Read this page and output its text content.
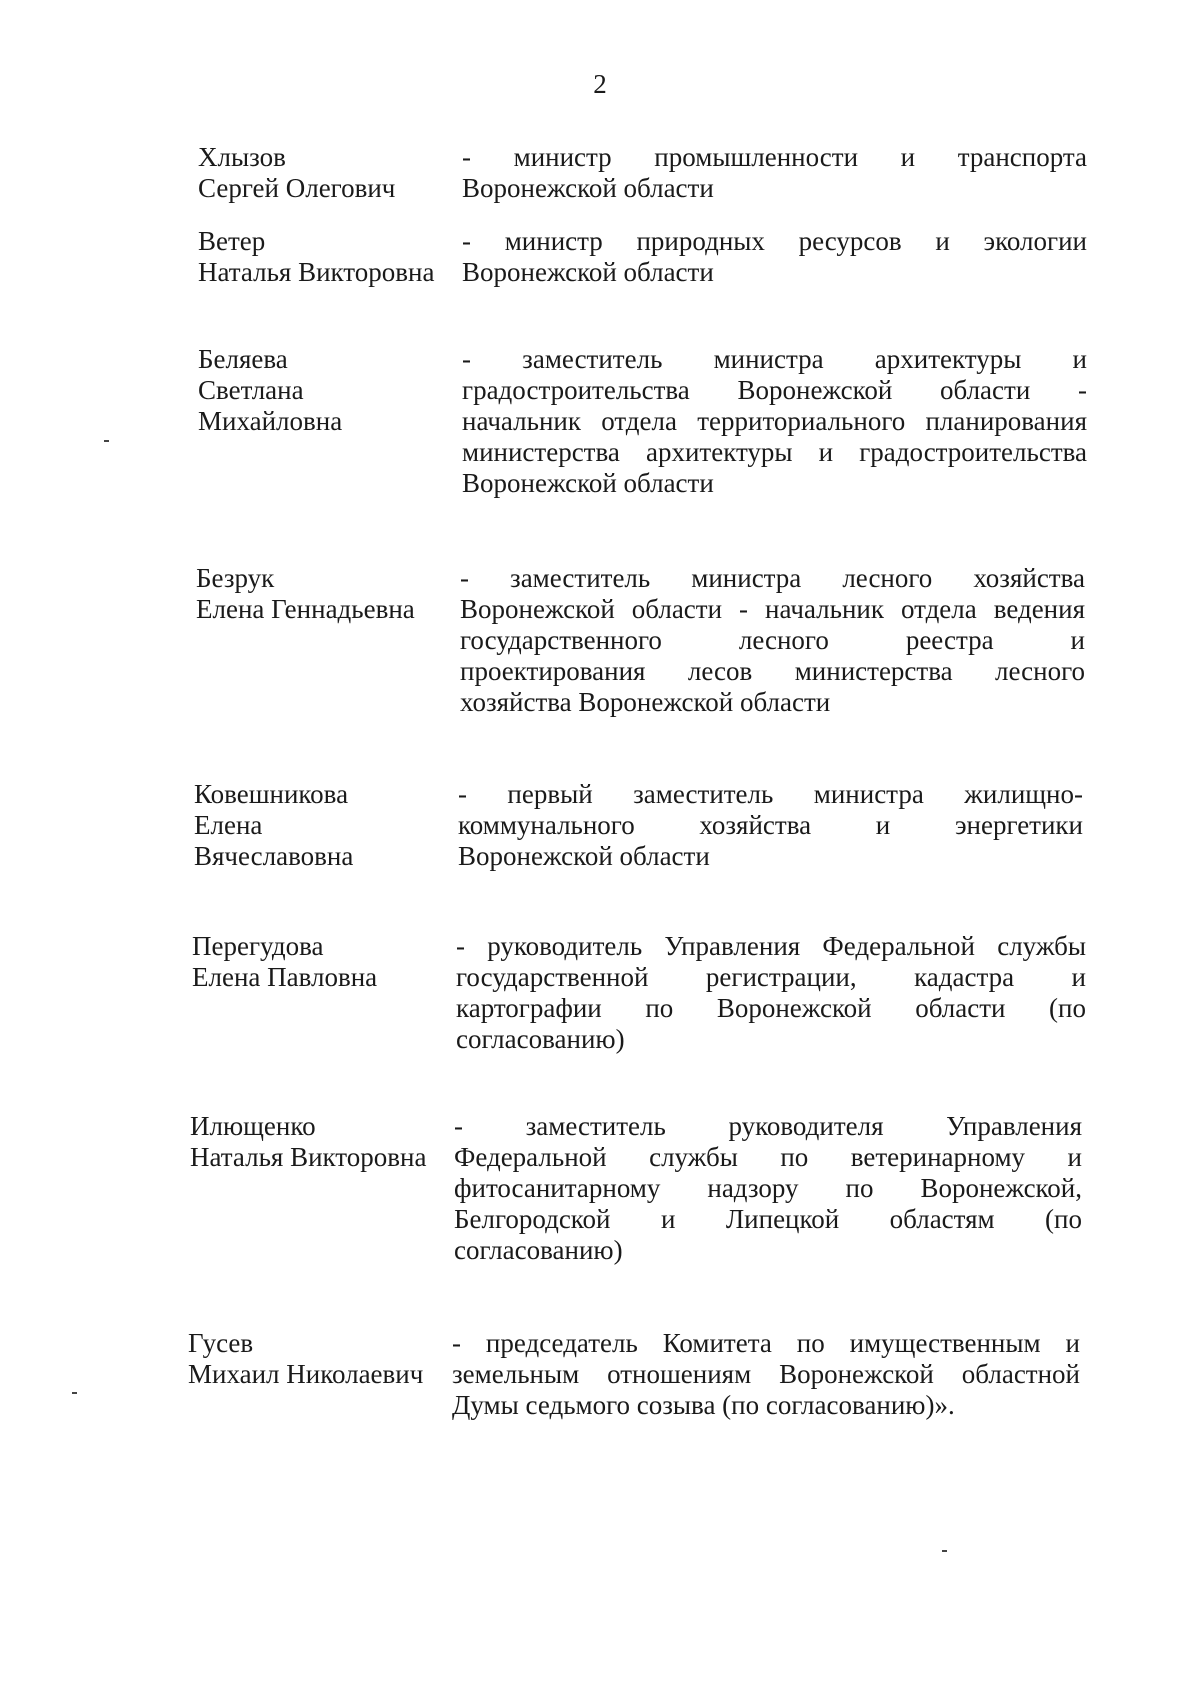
2
Хлызов
Сергей Олегович
- министр промышленности и транспорта
Воронежской области
Ветер
Наталья Викторовна
- министр природных ресурсов и экологии
Воронежской области
Беляева
Светлана
Михайловна
- заместитель министра архитектуры и
градостроительства Воронежской области -
начальник отдела территориального планирования
министерства архитектуры и градостроительства
Воронежской области
Безрук
Елена Геннадьевна
- заместитель министра лесного хозяйства
Воронежской области - начальник отдела ведения
государственного лесного реестра и
проектирования лесов министерства лесного
хозяйства Воронежской области
Ковешникова
Елена
Вячеславовна
- первый заместитель министра жилищно-
коммунального хозяйства и энергетики
Воронежской области
Перегудова
Елена Павловна
- руководитель Управления Федеральной службы
государственной регистрации, кадастра и
картографии по Воронежской области (по
согласованию)
Илющенко
Наталья Викторовна
- заместитель руководителя Управления
Федеральной службы по ветеринарному и
фитосанитарному надзору по Воронежской,
Белгородской и Липецкой областям (по
согласованию)
Гусев
Михаил Николаевич
- председатель Комитета по имущественным и
земельным отношениям Воронежской областной
Думы седьмого созыва (по согласованию)».
